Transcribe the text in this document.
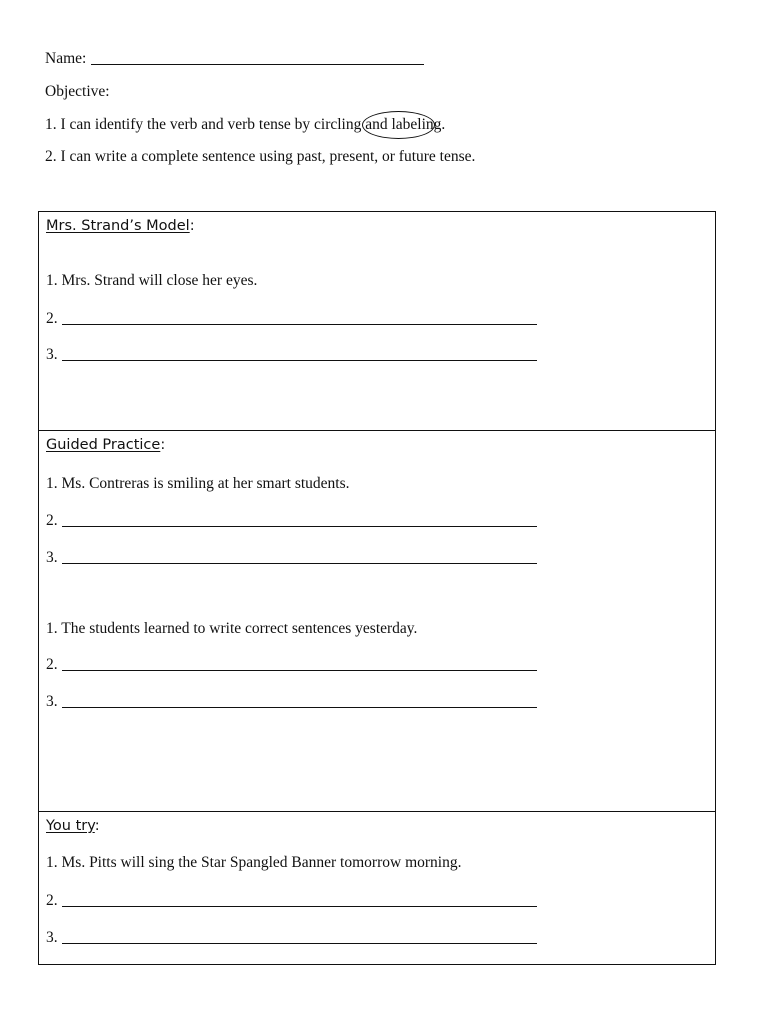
Name:
Objective:
1. I can identify the verb and verb tense by circling and labeling
.
2. I can write a complete sentence using past, present, or future tense.
Mrs. Strand’s Model:
1. Mrs. Strand will close her eyes.
2.
3.

Guided Practice:
1. Ms. Contreras is smiling at her smart students.
2.
3.
1. The students learned to write correct sentences yesterday.
2.
3.

You try:
1. Ms. Pitts will sing the Star Spangled Banner tomorrow morning.
2.
3.
